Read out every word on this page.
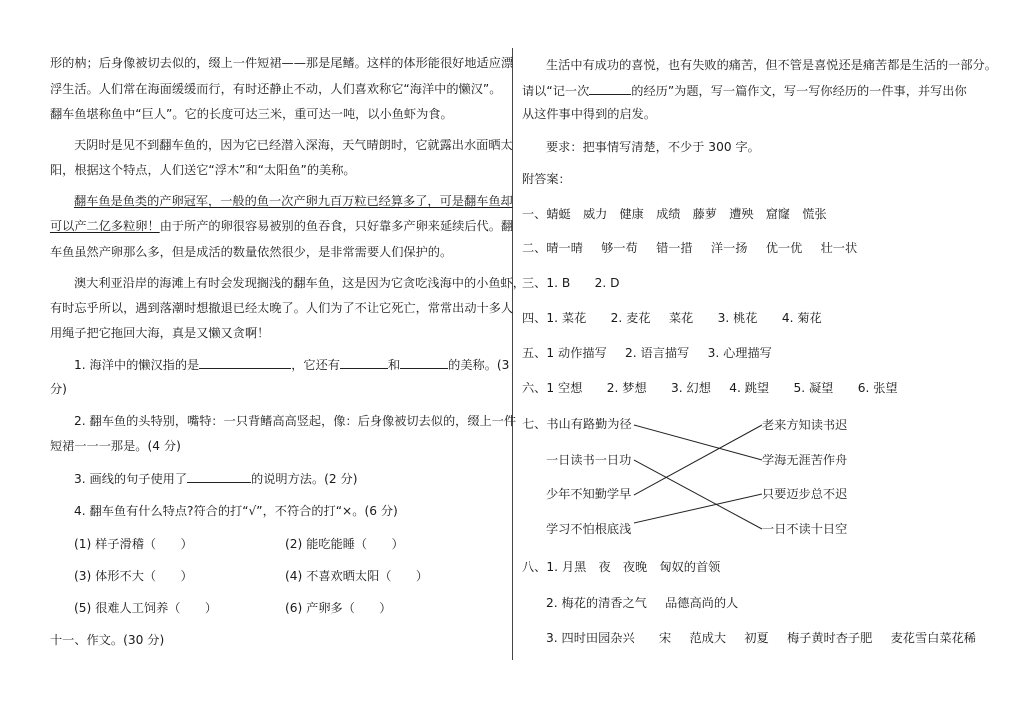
形的枘；后身像被切去似的，缀上一件短裙——那是尾鳍。这样的体形能很好地适应漂
浮生活。人们常在海面缓缓而行，有时还静止不动，人们喜欢称它“海洋中的懒汉”。
翻车鱼堪称鱼中“巨人”。它的长度可达三米，重可达一吨，以小鱼虾为食。
天阴时是见不到翻车鱼的，因为它已经潜入深海，天气晴朗时，它就露出水面晒太
阳，根据这个特点，人们送它“浮木”和“太阳鱼”的美称。
翻车鱼是鱼类的产卵冠军，一般的鱼一次产卵九百万粒已经算多了，可是翻车鱼却
可以产二亿多粒卵！由于所产的卵很容易被别的鱼吞食，只好靠多产卵来延续后代。翻
车鱼虽然产卵那么多，但是成活的数量依然很少，是非常需要人们保护的。
澳大利亚沿岸的海滩上有时会发现搁浅的翻车鱼，这是因为它贪吃浅海中的小鱼虾，
有时忘乎所以，遇到落潮时想撤退已经太晚了。人们为了不让它死亡，常常出动十多人
用绳子把它拖回大海，真是又懒又贪啊！
1. 海洋中的懒汉指的是	，它还有	和	的美称。(3
分)
2. 翻车鱼的头特别，嘴特：一只背鳍高高竖起，像：后身像被切去似的，缀上一件
短裙一一一那是。(4 分)
3. 画线的句子使用了	的说明方法。(2 分)
4. 翻车鱼有什么特点?符合的打“√”，不符合的打“×。(6 分)
(1) 样子滑稽（　　）	(2) 能吃能睡（　　）
(3) 体形不大（　　）	(4) 不喜欢晒太阳（　　）
(5) 很难人工饲养（　　）	(6) 产卵多（　　）
十一、作文。(30 分)
生活中有成功的喜悦，也有失败的痛苦，但不管是喜悦还是痛苦都是生活的一部分。
请以“记一次	的经历”为题，写一篇作文，写一写你经历的一件事，并写出你
从这件事中得到的启发。
要求：把事情写清楚，不少于 300 字。
附答案：
一、蜻蜓  威力  健康  成绩  藤萝  遭殃  窟窿  慌张
二、晴一晴   够一苟   错一措   洋一扬   优一优   壮一状
三、1. B   2. D
四、1. 菜花   2. 麦花   菜花   3. 桃花   4. 菊花
五、1 动作描写   2. 语言描写   3. 心理描写
六、1 空想   2. 梦想   3. 幻想   4. 跳望   5. 凝望   6. 张望
七、书山有路勤为径
一日读书一日功
少年不知勤学早
学习不怕根底浅
老来方知读书迟
学海无涯苦作舟
只要迈步总不迟
一日不读十日空
八、1. 月黑  夜  夜晚  匈奴的首领
2. 梅花的清香之气   品德高尚的人
3. 四时田园杂兴   宋   范成大   初夏   梅子黄时杏子肥   麦花雪白菜花稀
